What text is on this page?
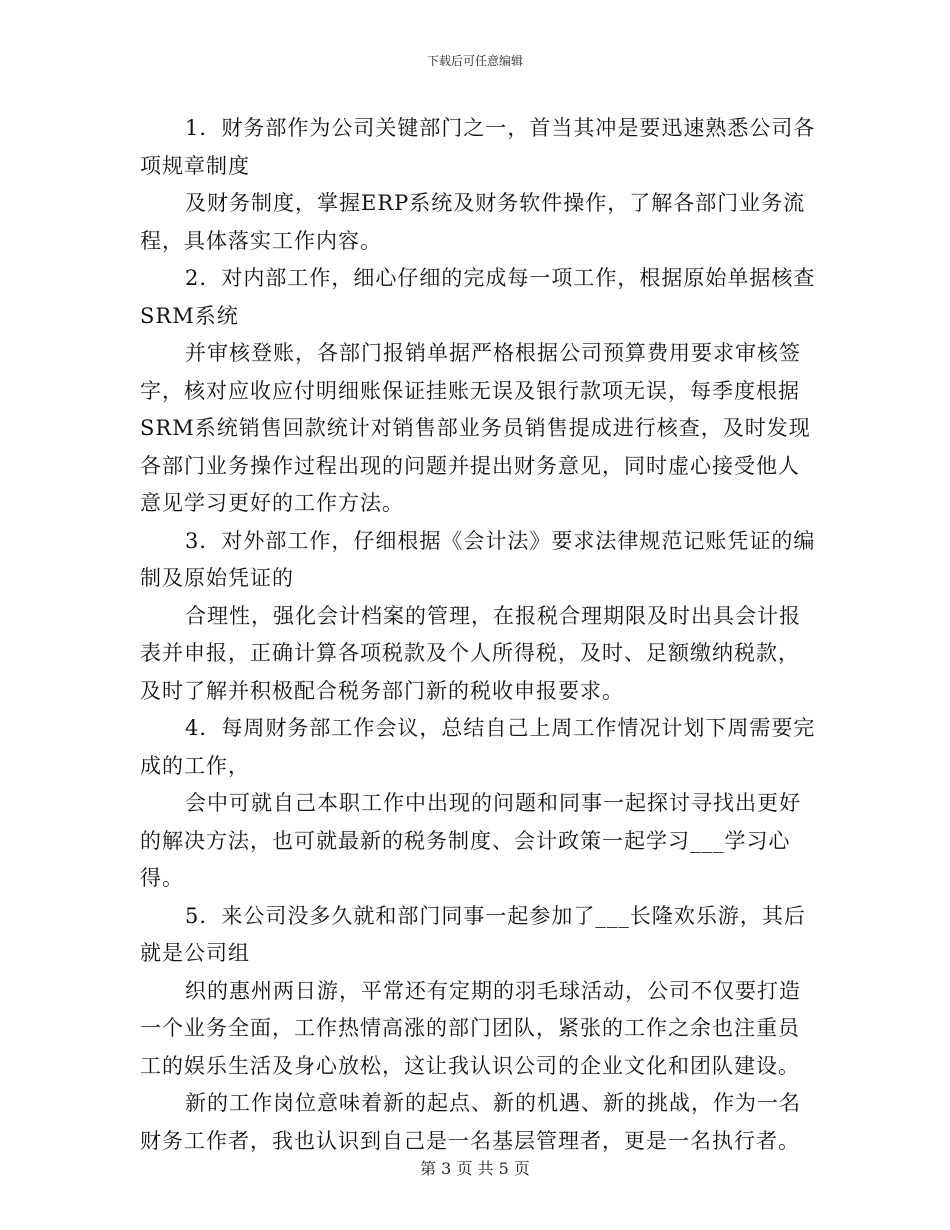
下载后可任意编辑

1．财务部作为公司关键部门之一，首当其冲是要迅速熟悉公司各项规章制度

及财务制度，掌握ERP系统及财务软件操作，了解各部门业务流程，具体落实工作内容。

2．对内部工作，细心仔细的完成每一项工作，根据原始单据核查SRM系统

并审核登账，各部门报销单据严格根据公司预算费用要求审核签字，核对应收应付明细账保证挂账无误及银行款项无误，每季度根据SRM系统销售回款统计对销售部业务员销售提成进行核查，及时发现各部门业务操作过程出现的问题并提出财务意见，同时虚心接受他人意见学习更好的工作方法。

3．对外部工作，仔细根据《会计法》要求法律规范记账凭证的编制及原始凭证的

合理性，强化会计档案的管理，在报税合理期限及时出具会计报表并申报，正确计算各项税款及个人所得税，及时、足额缴纳税款，及时了解并积极配合税务部门新的税收申报要求。

4．每周财务部工作会议，总结自己上周工作情况计划下周需要完成的工作，

会中可就自己本职工作中出现的问题和同事一起探讨寻找出更好的解决方法，也可就最新的税务制度、会计政策一起学习___学习心得。

5．来公司没多久就和部门同事一起参加了___长隆欢乐游，其后就是公司组

织的惠州两日游，平常还有定期的羽毛球活动，公司不仅要打造一个业务全面，工作热情高涨的部门团队，紧张的工作之余也注重员工的娱乐生活及身心放松，这让我认识公司的企业文化和团队建设。

新的工作岗位意味着新的起点、新的机遇、新的挑战，作为一名财务工作者，我也认识到自己是一名基层管理者，更是一名执行者。

第 3 页 共 5 页
